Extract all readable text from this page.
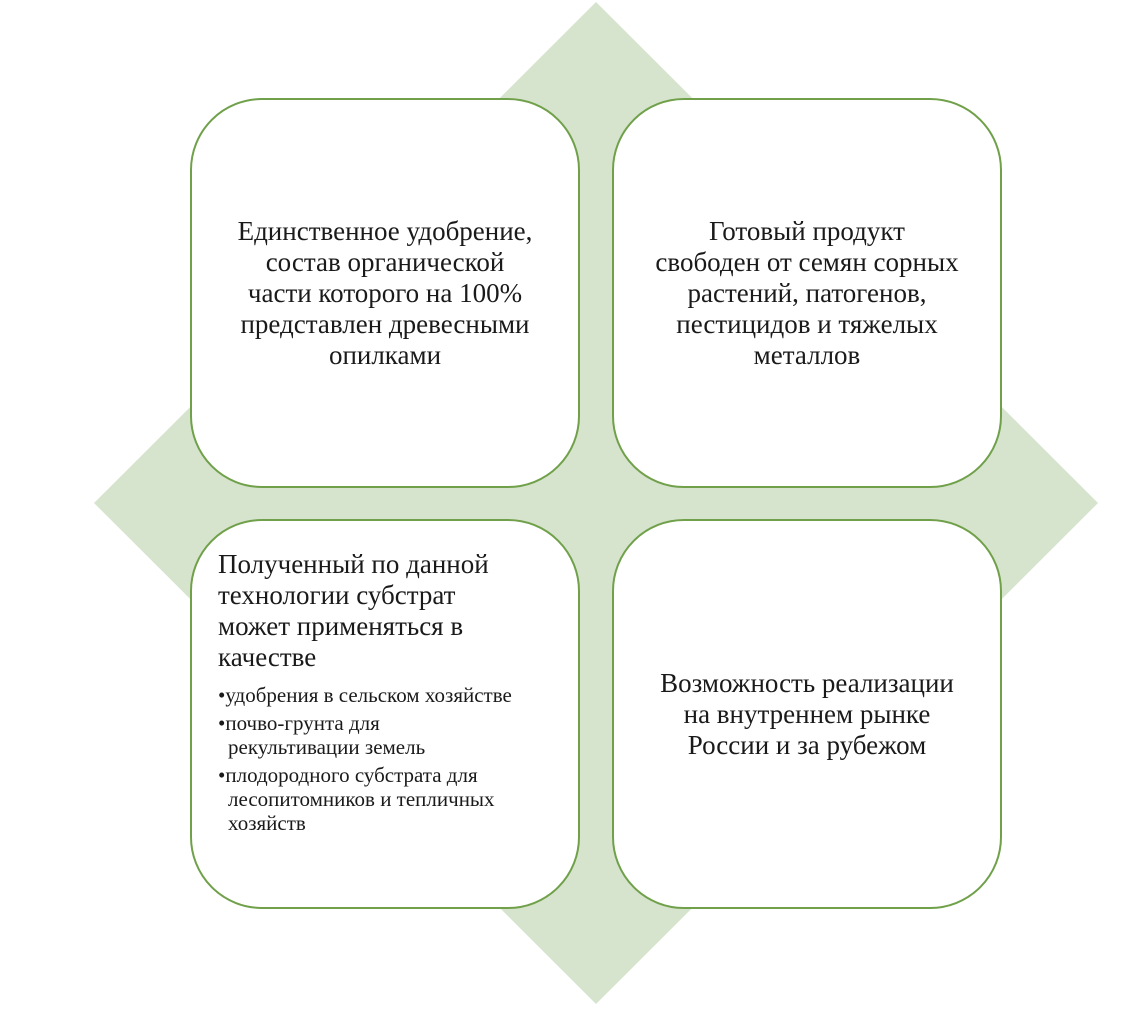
Единственное удобрение,
состав органической
части которого на 100%
представлен древесными
опилками
Готовый продукт
свободен от семян сорных
растений, патогенов,
пестицидов и тяжелых
металлов
Полученный по данной
технологии субстрат
может применяться в
качестве
•удобрения в сельском хозяйстве
•почво-грунта для
рекультивации земель
•плодородного субстрата для
лесопитомников и тепличных
хозяйств
Возможность реализации
на внутреннем рынке
России и за рубежом
